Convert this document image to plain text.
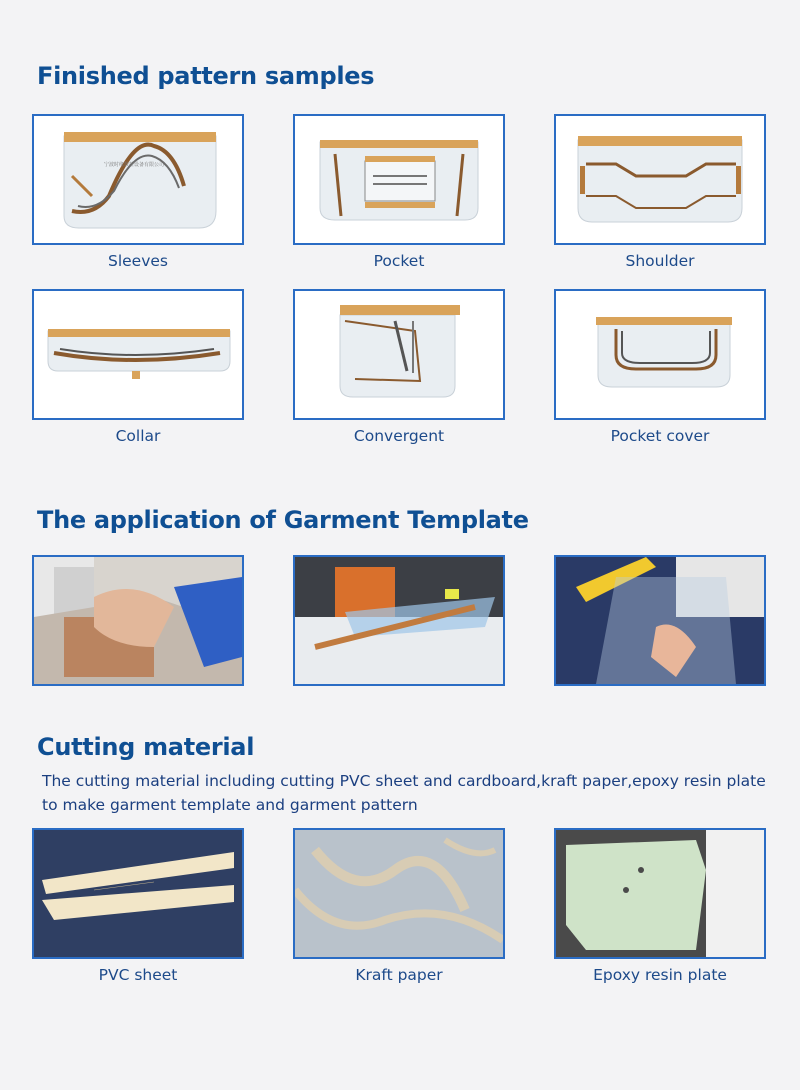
Finished pattern samples
宁波时缘数控设备有限公司
Sleeves	Pocket	Shoulder
Collar	Convergent	Pocket cover
The application of Garment Template
Cutting material

The cutting material including cutting PVC sheet and cardboard,kraft paper,epoxy resin plate to make garment template and garment pattern

PVC sheet	Kraft paper	Epoxy resin plate
